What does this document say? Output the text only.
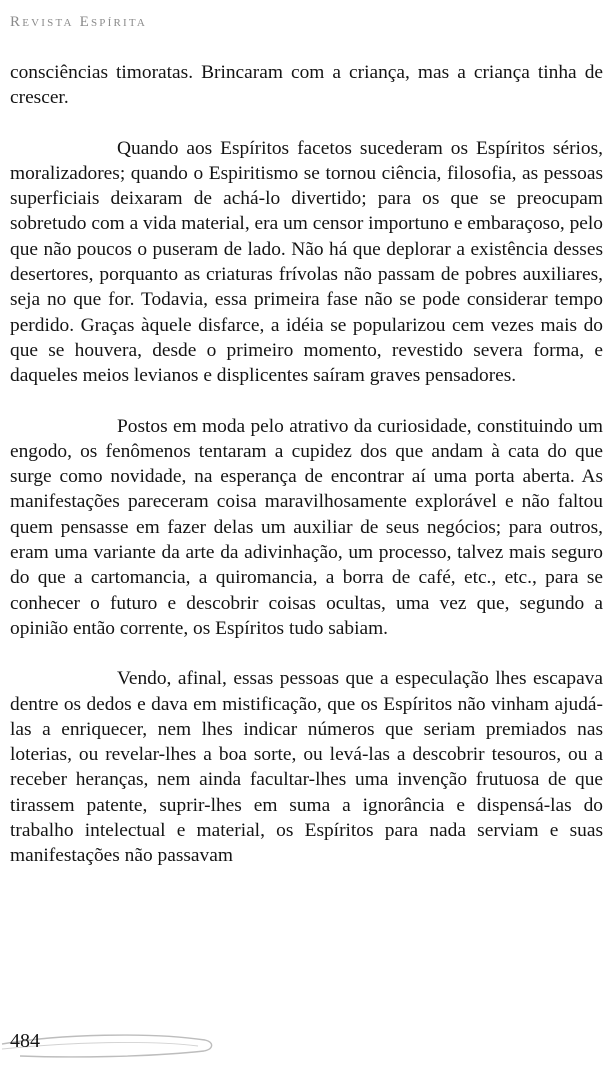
Revista Espírita

consciências timoratas. Brincaram com a criança, mas a criança tinha de crescer.

Quando aos Espíritos facetos sucederam os Espíritos sérios, moralizadores; quando o Espiritismo se tornou ciência, filosofia, as pessoas superficiais deixaram de achá-lo divertido; para os que se preocupam sobretudo com a vida material, era um censor importuno e embaraçoso, pelo que não poucos o puseram de lado. Não há que deplorar a existência desses desertores, porquanto as criaturas frívolas não passam de pobres auxiliares, seja no que for. Todavia, essa primeira fase não se pode considerar tempo perdido. Graças àquele disfarce, a idéia se popularizou cem vezes mais do que se houvera, desde o primeiro momento, revestido severa forma, e daqueles meios levianos e displicentes saíram graves pensadores.

Postos em moda pelo atrativo da curiosidade, constituindo um engodo, os fenômenos tentaram a cupidez dos que andam à cata do que surge como novidade, na esperança de encontrar aí uma porta aberta. As manifestações pareceram coisa maravilhosamente explorável e não faltou quem pensasse em fazer delas um auxiliar de seus negócios; para outros, eram uma variante da arte da adivinhação, um processo, talvez mais seguro do que a cartomancia, a quiromancia, a borra de café, etc., etc., para se conhecer o futuro e descobrir coisas ocultas, uma vez que, segundo a opinião então corrente, os Espíritos tudo sabiam.

Vendo, afinal, essas pessoas que a especulação lhes escapava dentre os dedos e dava em mistificação, que os Espíritos não vinham ajudá-las a enriquecer, nem lhes indicar números que seriam premiados nas loterias, ou revelar-lhes a boa sorte, ou levá-las a descobrir tesouros, ou a receber heranças, nem ainda facultar-lhes uma invenção frutuosa de que tirassem patente, suprir-lhes em suma a ignorância e dispensá-las do trabalho intelectual e material, os Espíritos para nada serviam e suas manifestações não passavam

484
